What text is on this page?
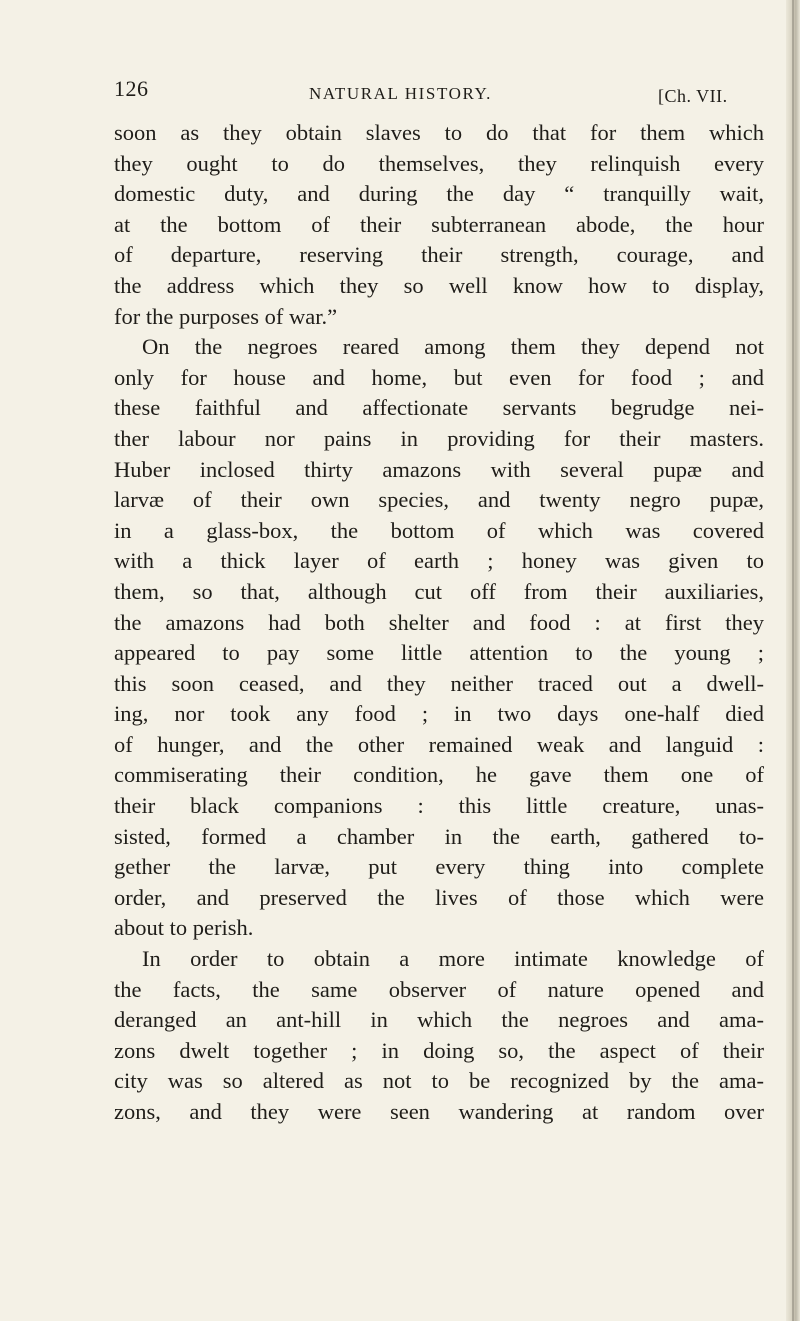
126	NATURAL HISTORY.	[Ch. VII.
soon as they obtain slaves to do that for them which
they ought to do themselves, they relinquish every
domestic duty, and during the day “ tranquilly wait,
at the bottom of their subterranean abode, the hour
of departure, reserving their strength, courage, and
the address which they so well know how to display,
for the purposes of war.”
On the negroes reared among them they depend not
only for house and home, but even for food ; and
these faithful and affectionate servants begrudge nei-
ther labour nor pains in providing for their masters.
Huber inclosed thirty amazons with several pupæ and
larvæ of their own species, and twenty negro pupæ,
in a glass-box, the bottom of which was covered
with a thick layer of earth ; honey was given to
them, so that, although cut off from their auxiliaries,
the amazons had both shelter and food : at first they
appeared to pay some little attention to the young ;
this soon ceased, and they neither traced out a dwell-
ing, nor took any food ; in two days one-half died
of hunger, and the other remained weak and languid :
commiserating their condition, he gave them one of
their black companions : this little creature, unas-
sisted, formed a chamber in the earth, gathered to-
gether the larvæ, put every thing into complete
order, and preserved the lives of those which were
about to perish.
In order to obtain a more intimate knowledge of
the facts, the same observer of nature opened and
deranged an ant-hill in which the negroes and ama-
zons dwelt together ; in doing so, the aspect of their
city was so altered as not to be recognized by the ama-
zons, and they were seen wandering at random over
